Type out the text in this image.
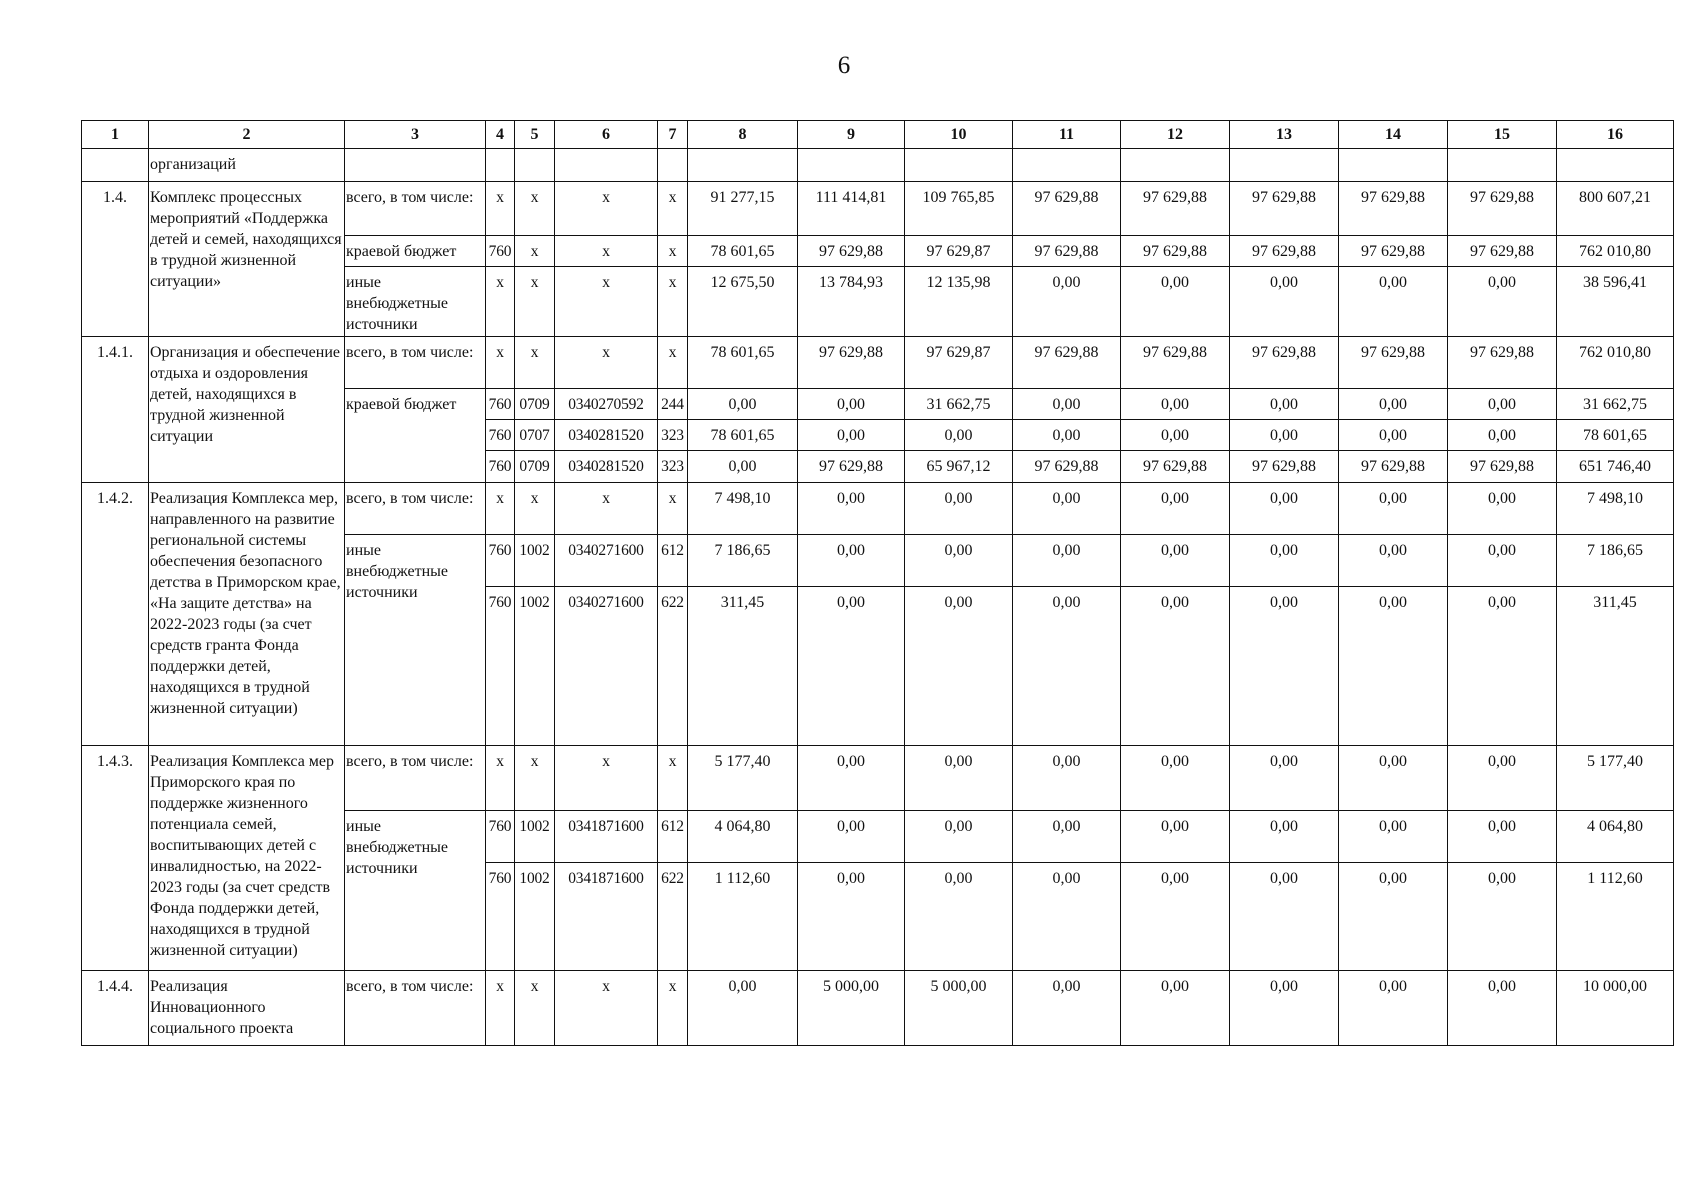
6
1	2	3	4	5	6	7	8	9	10	11	12	13	14	15	16
	организаций														
1.4.	Комплекс процессных мероприятий «Поддержка детей и семей, находящихся в трудной жизненной ситуации»	всего, в том числе:	х	х	х	х	91 277,15	111 414,81	109 765,85	97 629,88	97 629,88	97 629,88	97 629,88	97 629,88	800 607,21
		краевой бюджет	760	х	х	х	78 601,65	97 629,88	97 629,87	97 629,88	97 629,88	97 629,88	97 629,88	97 629,88	762 010,80
		иные внебюджетные источники	х	х	х	х	12 675,50	13 784,93	12 135,98	0,00	0,00	0,00	0,00	0,00	38 596,41
1.4.1.	Организация и обеспечение отдыха и оздоровления детей, находящихся в трудной жизненной ситуации	всего, в том числе:	х	х	х	х	78 601,65	97 629,88	97 629,87	97 629,88	97 629,88	97 629,88	97 629,88	97 629,88	762 010,80
		краевой бюджет	760	0709	0340270592	244	0,00	0,00	31 662,75	0,00	0,00	0,00	0,00	0,00	31 662,75
			760	0707	0340281520	323	78 601,65	0,00	0,00	0,00	0,00	0,00	0,00	0,00	78 601,65
			760	0709	0340281520	323	0,00	97 629,88	65 967,12	97 629,88	97 629,88	97 629,88	97 629,88	97 629,88	651 746,40
1.4.2.	Реализация Комплекса мер, направленного на развитие региональной системы обеспечения безопасного детства в Приморском крае, «На защите детства» на 2022-2023 годы (за счет средств гранта Фонда поддержки детей, находящихся в трудной жизненной ситуации)	всего, в том числе:	х	х	х	х	7 498,10	0,00	0,00	0,00	0,00	0,00	0,00	0,00	7 498,10
		иные внебюджетные источники	760	1002	0340271600	612	7 186,65	0,00	0,00	0,00	0,00	0,00	0,00	0,00	7 186,65
			760	1002	0340271600	622	311,45	0,00	0,00	0,00	0,00	0,00	0,00	0,00	311,45
1.4.3.	Реализация Комплекса мер Приморского края по поддержке жизненного потенциала семей, воспитывающих детей с инвалидностью, на 2022-2023 годы (за счет средств Фонда поддержки детей, находящихся в трудной жизненной ситуации)	всего, в том числе:	х	х	х	х	5 177,40	0,00	0,00	0,00	0,00	0,00	0,00	0,00	5 177,40
		иные внебюджетные источники	760	1002	0341871600	612	4 064,80	0,00	0,00	0,00	0,00	0,00	0,00	0,00	4 064,80
			760	1002	0341871600	622	1 112,60	0,00	0,00	0,00	0,00	0,00	0,00	0,00	1 112,60
1.4.4.	Реализация Инновационного социального проекта	всего, в том числе:	х	х	х	х	0,00	5 000,00	5 000,00	0,00	0,00	0,00	0,00	0,00	10 000,00
